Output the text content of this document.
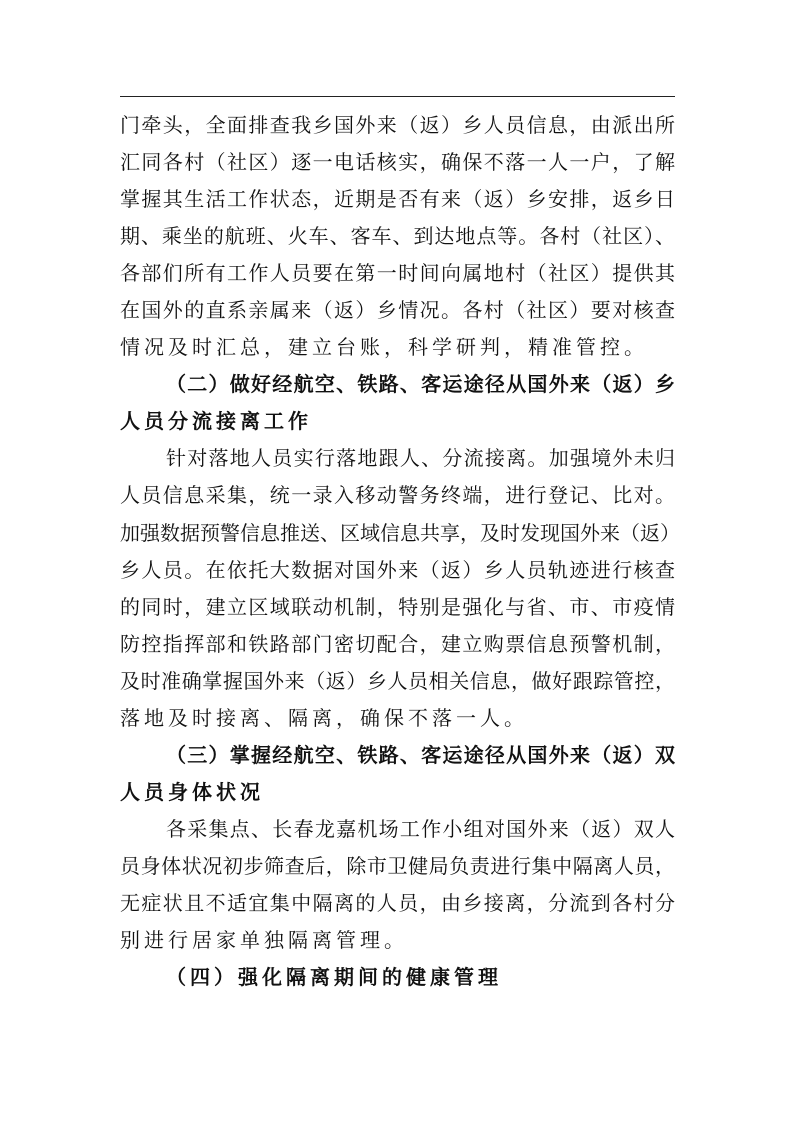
门牵头，全面排查我乡国外来（返）乡人员信息，由派出所
汇同各村（社区）逐一电话核实，确保不落一人一户，了解
掌握其生活工作状态，近期是否有来（返）乡安排，返乡日
期、乘坐的航班、火车、客车、到达地点等。各村（社区）、
各部们所有工作人员要在第一时间向属地村（社区）提供其
在国外的直系亲属来（返）乡情况。各村（社区）要对核查
情况及时汇总，建立台账，科学研判，精准管控。
（二）做好经航空、铁路、客运途径从国外来（返）乡
人员分流接离工作
针对落地人员实行落地跟人、分流接离。加强境外未归
人员信息采集，统一录入移动警务终端，进行登记、比对。
加强数据预警信息推送、区域信息共享，及时发现国外来（返）
乡人员。在依托大数据对国外来（返）乡人员轨迹进行核查
的同时，建立区域联动机制，特别是强化与省、市、市疫情
防控指挥部和铁路部门密切配合，建立购票信息预警机制，
及时准确掌握国外来（返）乡人员相关信息，做好跟踪管控，
落地及时接离、隔离，确保不落一人。
（三）掌握经航空、铁路、客运途径从国外来（返）双
人员身体状况
各采集点、长春龙嘉机场工作小组对国外来（返）双人
员身体状况初步筛查后，除市卫健局负责进行集中隔离人员，
无症状且不适宜集中隔离的人员，由乡接离，分流到各村分
别进行居家单独隔离管理。
（四）强化隔离期间的健康管理
